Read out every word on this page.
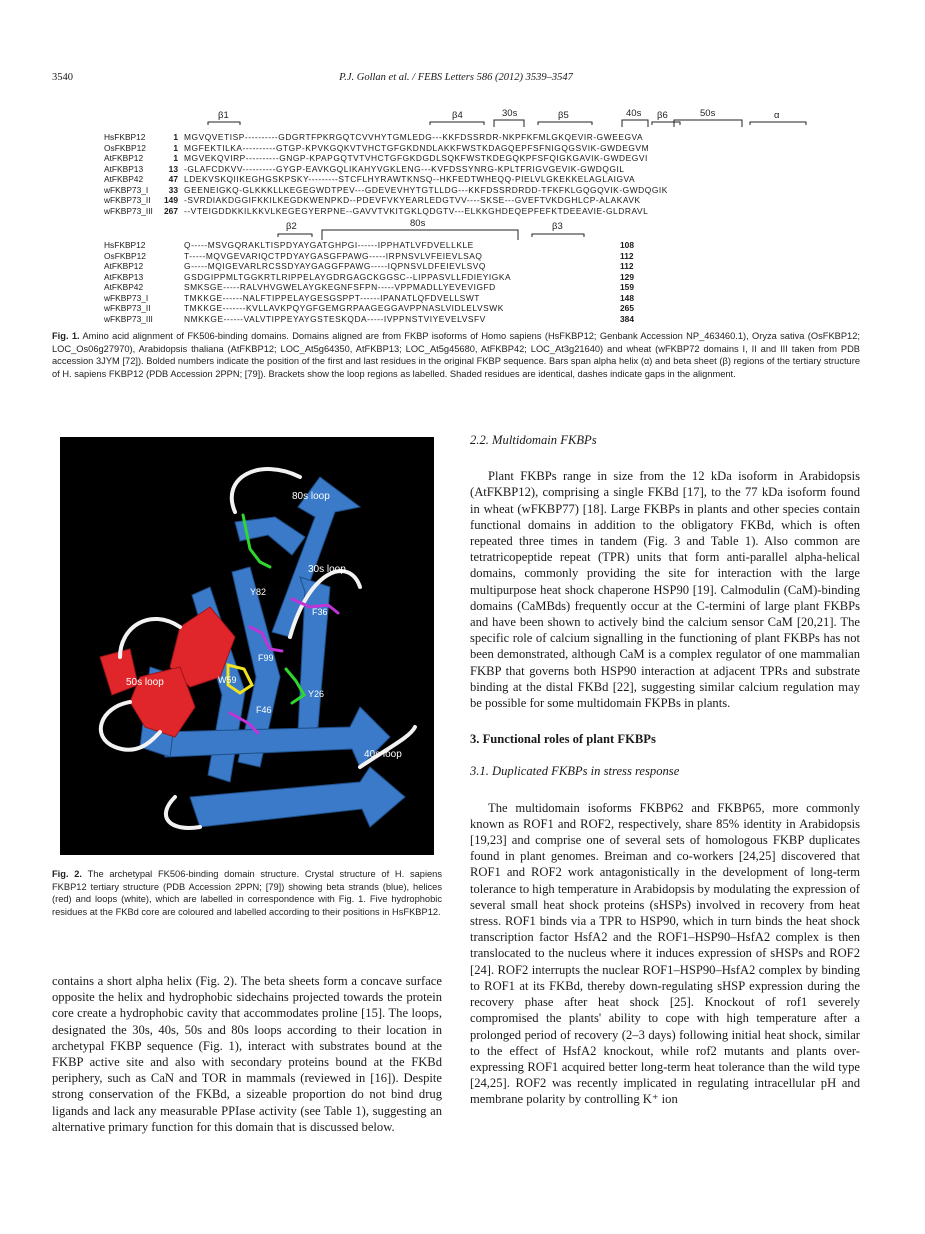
3540	P.J. Gollan et al. / FEBS Letters 586 (2012) 3539–3547
β1	β4	30s	β5	40s β6	50s	α
β2	80s	β3
HsFKBP12	1 MGVQVETISP----------GDGRTFPKRGQTCVVHYTGMLEDG---KKFDSSRDR-NKPFKFMLGKQEVIR-GWEEGVA
OsFKBP12	1 MGFEKTILKA----------GTGP-KPVKGQKVTVHCTGFGKDNDLAKKFWSTKDAGQEPFSFNIGQGSVIK-GWDEGVM
AtFKBP12	1 MGVEKQVIRP----------GNGP-KPAPGQTVTVHCTGFGKDGDLSQKFWSTKDEGQKPFSFQIGKGAVIK-GWDEGVI
AtFKBP13	13 -GLAFCDKVV----------GYGP-EAVKGQLIKAHYVGKLENG---KVFDSSYNRG-KPLTFRIGVGEVIK-GWDQGIL
AtFKBP42	47 LDEKVSKQIIKEGHGSKPSKY---------STCFLHYRAWTKNSQ--HKFEDTWHEQQ-PIELVLGKEKKELAGLAIGVA
wFKBP73_I	33 GEENEIGKQ-GLKKKLLKEGEGWDTPEV---GDEVEVHYTGTLLDG---KKFDSSRDRDD-TFKFKLGQGQVIK-GWDQGIK
wFKBP73_II	149 -SVRDIAKDGGIFKKILKEGDKWENPKD--PDEVFVKYEARLEDGTVV----SKSE---GVEFTVKDGHLCP-ALAKAVK
wFKBP73_III	267 --VTEIGDDKKILKKVLKEGEGYERPNE--GAVVTVKITGKLQDGTV---ELKKGHDEQEPFEFKTDEEAVIE-GLDRAVL
HsFKBP12	Q-----MSVGQRAKLTISPDYAYGATGHPGI------IPPHATLVFDVELLKLE	108
OsFKBP12	T-----MQVGEVARIQCTPDYAYGASGFPAWG-----IRPNSVLVFEIEVLSAQ	112
AtFKBP12	G-----MQIGEVARLRCSSDYAYGAGGFPAWG-----IQPNSVLDFEIEVLSVQ	112
AtFKBP13	GSDGIPPMLTGGKRTLRIPPELAYGDRGAGCKGGSC--LIPPASVLLFDIEYIGKA	129
AtFKBP42	SMKSGE-----RALVHVGWELAYGKEGNFSFPN-----VPPMADLLYEVEVIGFD	159
wFKBP73_I	TMKKGE------NALFTIPPELAYGESGSPPT------IPANATLQFDVELLSWT	148
wFKBP73_II	TMKKGE-------KVLLAVKPQYGFGEMGRPAAGEGGAVPPNASLVIDLELVSWK	265
wFKBP73_III	NMKKGE------VALVTIPPEYAYGSTESKQDA-----IVPPNSTVIYEVELVSFV	384
Fig. 1. Amino acid alignment of FK506-binding domains. Domains aligned are from FKBP isoforms of Homo sapiens (HsFKBP12; Genbank Accession NP_463460.1), Oryza sativa (OsFKBP12; LOC_Os06g27970), Arabidopsis thaliana (AtFKBP12; LOC_At5g64350, AtFKBP13; LOC_At5g45680, AtFKBP42; LOC_At3g21640) and wheat (wFKBP72 domains I, II and III taken from PDB accession 3JYM [72]). Bolded numbers indicate the position of the first and last residues in the original FKBP sequence. Bars span alpha helix (α) and beta sheet (β) regions of the tertiary structure of H. sapiens FKBP12 (PDB Accession 2PPN; [79]). Brackets show the loop regions as labelled. Shaded residues are identical, dashes indicate gaps in the alignment.
80s loop
30s loop
50s loop
40s loop
Y82
F36
F99
W59
Y26
F46
Fig. 2. The archetypal FK506-binding domain structure. Crystal structure of H. sapiens FKBP12 tertiary structure (PDB Accession 2PPN; [79]) showing beta strands (blue), helices (red) and loops (white), which are labelled in correspondence with Fig. 1. Five hydrophobic residues at the FKBd core are coloured and labelled according to their positions in HsFKBP12.

contains a short alpha helix (Fig. 2). The beta sheets form a concave surface opposite the helix and hydrophobic sidechains projected towards the protein core create a hydrophobic cavity that accommodates proline [15]. The loops, designated the 30s, 40s, 50s and 80s loops according to their location in archetypal FKBP sequence (Fig. 1), interact with substrates bound at the FKBP active site and also with secondary proteins bound at the FKBd periphery, such as CaN and TOR in mammals (reviewed in [16]). Despite strong conservation of the FKBd, a sizeable proportion do not bind drug ligands and lack any measurable PPIase activity (see Table 1), suggesting an alternative primary function for this domain that is discussed below.

2.2. Multidomain FKBPs

Plant FKBPs range in size from the 12 kDa isoform in Arabidopsis (AtFKBP12), comprising a single FKBd [17], to the 77 kDa isoform found in wheat (wFKBP77) [18]. Large FKBPs in plants and other species contain functional domains in addition to the obligatory FKBd, which is often repeated three times in tandem (Fig. 3 and Table 1). Also common are tetratricopeptide repeat (TPR) units that form anti-parallel alpha-helical domains, commonly providing the site for interaction with the large multipurpose heat shock chaperone HSP90 [19]. Calmodulin (CaM)-binding domains (CaMBds) frequently occur at the C-termini of large plant FKBPs and have been shown to actively bind the calcium sensor CaM [20,21]. The specific role of calcium signalling in the functioning of plant FKBPs has not been demonstrated, although CaM is a complex regulator of one mammalian FKBP that governs both HSP90 interaction at adjacent TPRs and substrate binding at the distal FKBd [22], suggesting similar calcium regulation may be possible for some multidomain FKPBs in plants.

3. Functional roles of plant FKBPs

3.1. Duplicated FKBPs in stress response

The multidomain isoforms FKBP62 and FKBP65, more commonly known as ROF1 and ROF2, respectively, share 85% identity in Arabidopsis [19,23] and comprise one of several sets of homologous FKBP duplicates found in plant genomes. Breiman and co-workers [24,25] discovered that ROF1 and ROF2 work antagonistically in the development of long-term tolerance to high temperature in Arabidopsis by modulating the expression of several small heat shock proteins (sHSPs) involved in recovery from heat stress. ROF1 binds via a TPR to HSP90, which in turn binds the heat shock transcription factor HsfA2 and the ROF1–HSP90–HsfA2 complex is then translocated to the nucleus where it induces expression of sHSPs and ROF2 [24]. ROF2 interrupts the nuclear ROF1–HSP90–HsfA2 complex by binding to ROF1 at its FKBd, thereby down-regulating sHSP expression during the recovery phase after heat shock [25]. Knockout of rof1 severely compromised the plants' ability to cope with high temperature after a prolonged period of recovery (2–3 days) following initial heat shock, similar to the effect of HsfA2 knockout, while rof2 mutants and plants over-expressing ROF1 acquired better long-term heat tolerance than the wild type [24,25]. ROF2 was recently implicated in regulating intracellular pH and membrane polarity by controlling K⁺ ion
